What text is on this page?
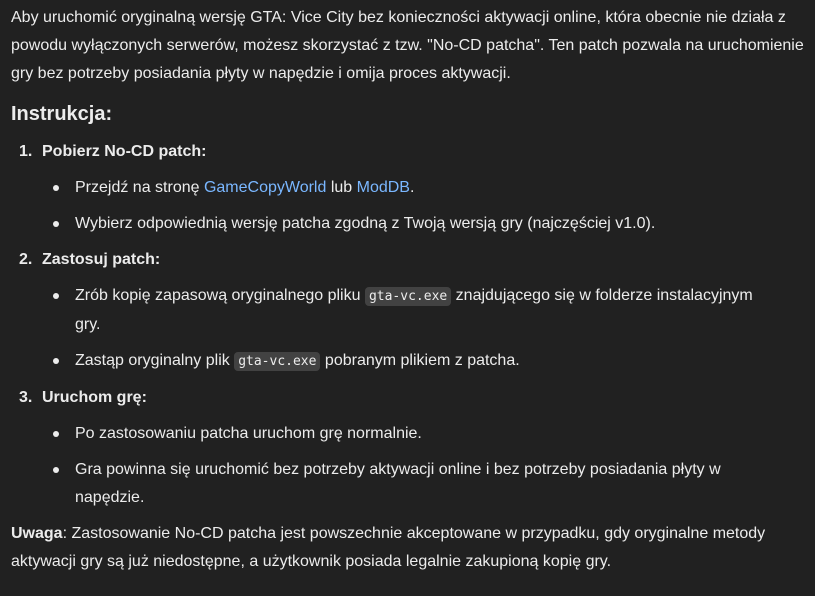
Aby uruchomić oryginalną wersję GTA: Vice City bez konieczności aktywacji online, która obecnie nie działa z powodu wyłączonych serwerów, możesz skorzystać z tzw. "No-CD patcha". Ten patch pozwala na uruchomienie gry bez potrzeby posiadania płyty w napędzie i omija proces aktywacji.

Instrukcja:
1. Pobierz No-CD patch:
Przejdź na stronę GameCopyWorld lub ModDB.
Wybierz odpowiednią wersję patcha zgodną z Twoją wersją gry (najczęściej v1.0).
2. Zastosuj patch:
Zrób kopię zapasową oryginalnego pliku gta-vc.exe znajdującego się w folderze instalacyjnym gry.
Zastąp oryginalny plik gta-vc.exe pobranym plikiem z patcha.
3. Uruchom grę:
Po zastosowaniu patcha uruchom grę normalnie.
Gra powinna się uruchomić bez potrzeby aktywacji online i bez potrzeby posiadania płyty w napędzie.

Uwaga: Zastosowanie No-CD patcha jest powszechnie akceptowane w przypadku, gdy oryginalne metody aktywacji gry są już niedostępne, a użytkownik posiada legalnie zakupioną kopię gry.
